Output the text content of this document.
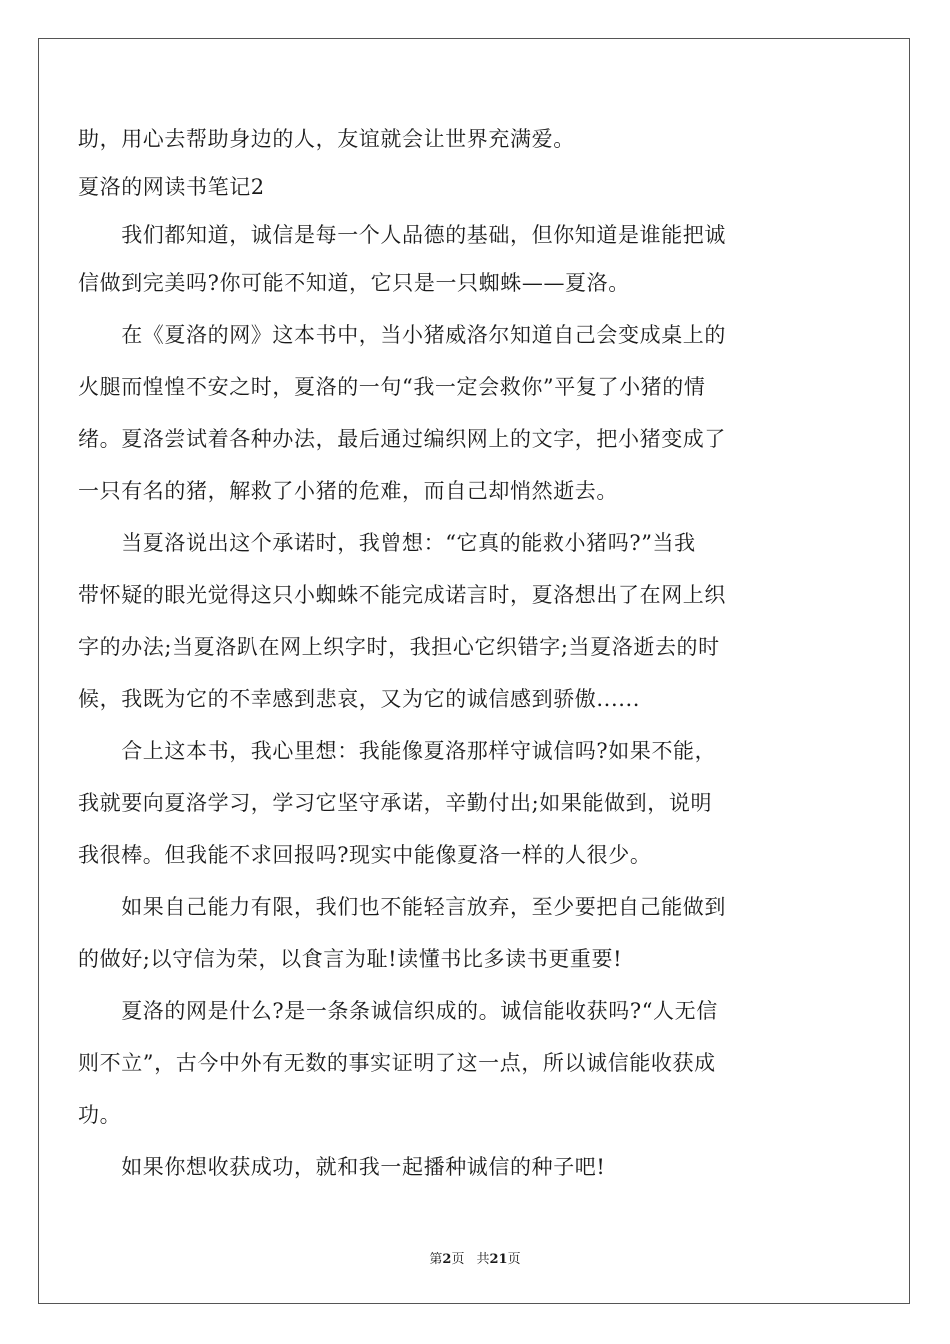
助，用心去帮助身边的人，友谊就会让世界充满爱。
夏洛的网读书笔记2
　　我们都知道，诚信是每一个人品德的基础，但你知道是谁能把诚
信做到完美吗?你可能不知道，它只是一只蜘蛛——夏洛。
　　在《夏洛的网》这本书中，当小猪威洛尔知道自己会变成桌上的
火腿而惶惶不安之时，夏洛的一句“我一定会救你”平复了小猪的情
绪。夏洛尝试着各种办法，最后通过编织网上的文字，把小猪变成了
一只有名的猪，解救了小猪的危难，而自己却悄然逝去。
　　当夏洛说出这个承诺时，我曾想：“它真的能救小猪吗?”当我
带怀疑的眼光觉得这只小蜘蛛不能完成诺言时，夏洛想出了在网上织
字的办法;当夏洛趴在网上织字时，我担心它织错字;当夏洛逝去的时
候，我既为它的不幸感到悲哀，又为它的诚信感到骄傲......
　　合上这本书，我心里想：我能像夏洛那样守诚信吗?如果不能，
我就要向夏洛学习，学习它坚守承诺，辛勤付出;如果能做到，说明
我很棒。但我能不求回报吗?现实中能像夏洛一样的人很少。
　　如果自己能力有限，我们也不能轻言放弃，至少要把自己能做到
的做好;以守信为荣，以食言为耻!读懂书比多读书更重要!
　　夏洛的网是什么?是一条条诚信织成的。诚信能收获吗?“人无信
则不立”，古今中外有无数的事实证明了这一点，所以诚信能收获成
功。
　　如果你想收获成功，就和我一起播种诚信的种子吧!
第2页 共21页
